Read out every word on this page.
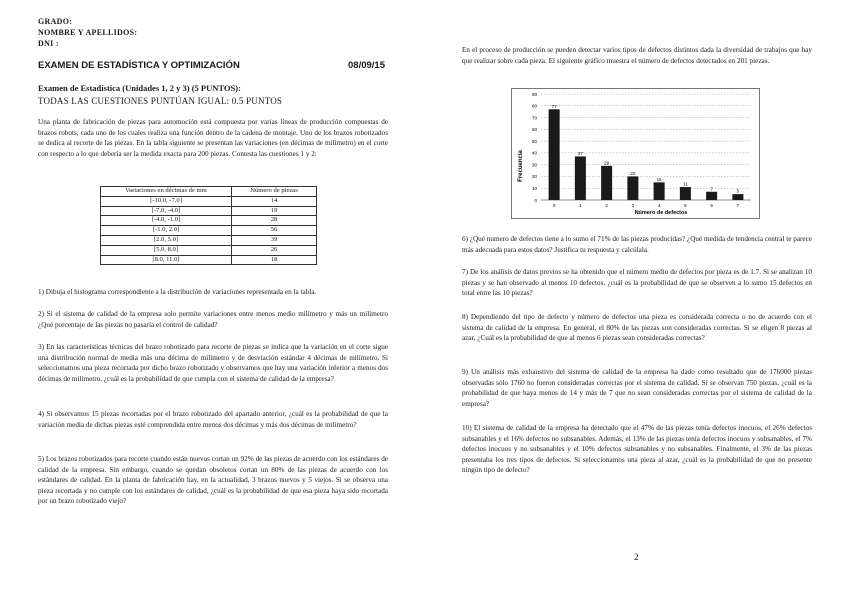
GRADO:
NOMBRE Y APELLIDOS:
DNI :
EXAMEN DE ESTADÍSTICA Y OPTIMIZACIÓN	08/09/15
Examen de Estadística (Unidades 1, 2 y 3) (5 PUNTOS):
TODAS LAS CUESTIONES PUNTÚAN IGUAL: 0.5 PUNTOS

Una planta de fabricación de piezas para automoción está compuesta por varias líneas de producción compuestas de brazos robots, cada uno de los cuales realiza una función dentro de la cadena de montaje. Uno de los brazos robotizados se dedica al recorte de las piezas. En la tabla siguiente se presentan las variaciones (en décimas de milímetro) en el corte con respecto a lo que debería ser la medida exacta para 200 piezas. Contesta las cuestiones 1 y 2:

Variaciones en décimas de mm	Número de piezas
[-10.0, -7.0]	14
[-7.0, -4.0]	19
[-4.0, -1.0]	28
[-1.0, 2.0]	56
[2.0, 5.0]	39
[5.0, 8.0]	26
[8.0, 11.0]	18

1) Dibuja el histograma correspondiente a la distribución de variaciones representada en la tabla.

2) Si el sistema de calidad de la empresa solo permite variaciones entre menos medio milímetro y más un milímetro ¿Qué porcentaje de las piezas no pasaría el control de calidad?

3) En las características técnicas del brazo robotizado para recorte de piezas se indica que la variación en el corte sigue una distribución normal de media más una décima de milímetro y de desviación estándar 4 décimas de milímetro. Si seleccionamos una pieza recortada por dicho brazo robotizado y observamos que hay una variación inferior a menos dos décimas de milímetro, ¿cuál es la probabilidad de que cumpla con el sistema de calidad de la empresa?

4) Si observamos 15 piezas recortadas por el brazo robotizado del apartado anterior, ¿cuál es la probabilidad de que la variación media de dichas piezas esté comprendida entre menos dos décimas y más dos décimas de milímetro?

5) Los brazos robotizados para recorte cuando están nuevos cortan un 92% de las piezas de acuerdo con los estándares de calidad de la empresa. Sin embargo, cuando se quedan obsoletos cortan un 80% de las piezas de acuerdo con los estándares de calidad. En la planta de fabricación hay, en la actualidad, 3 brazos nuevos y 5 viejos. Si se observa una pieza recortada y no cumple con los estándares de calidad, ¿cuál es la probabilidad de que esa pieza haya sido recortada por un brazo robotizado viejo?

En el proceso de producción se pueden detectar varios tipos de defectos distintos dada la diversidad de trabajos que hay que realizar sobre cada pieza. El siguiente gráfico muestra el número de defectos detectados en 201 piezas.

0
10
20
30
40
50
60
70
80
90
77
37
29
20
15
11
7	5
0	1	2	3	4	5	6	7
Frecuencia
Número de defectos

6) ¿Qué numero de defectos tiene a lo sumo el 71% de las piezas producidas? ¿Qué medida de tendencia central te parece más adecuada para estos datos? Justifica tu respuesta y calcúlala.

7) De los análisis de datos previos se ha obtenido que el número medio de defectos por pieza es de 1.7. Si se analizan 10 piezas y se han observado al menos 10 defectos, ¿cuál es la probabilidad de que se observen a lo sumo 15 defectos en total entre las 10 piezas?

8) Dependiendo del tipo de defecto y número de defectos una pieza es considerada correcta o no de acuerdo con el sistema de calidad de la empresa. En general, el 80% de las piezas son consideradas correctas. Si se eligen 8 piezas al azar, ¿Cuál es la probabilidad de que al menos 6 piezas sean consideradas correctas?

9) Un análisis más exhaustivo del sistema de calidad de la empresa ha dado como resultado que de 176000 piezas observadas sólo 1760 no fueron consideradas correctas por el sistema de calidad. Si se observan 750 piezas, ¿cuál es la probabilidad de que haya menos de 14 y más de 7 que no sean consideradas correctas por el sistema de calidad de la empresa?

10) El sistema de calidad de la empresa ha detectado que el 47% de las piezas tenía defectos inocuos, el 26% defectos subsanables y el 16% defectos no subsanables. Además, el 13% de las piezas tenía defectos inocuos y subsanables, el 7% defectos inocuos y no subsanables y el 10% defectos subsanables y no subsanables. Finalmente, el 3% de las piezas presentaba los tres tipos de defectos. Si seleccionamos una pieza al azar, ¿cuál es la probabilidad de que no presente ningún tipo de defecto?

2
